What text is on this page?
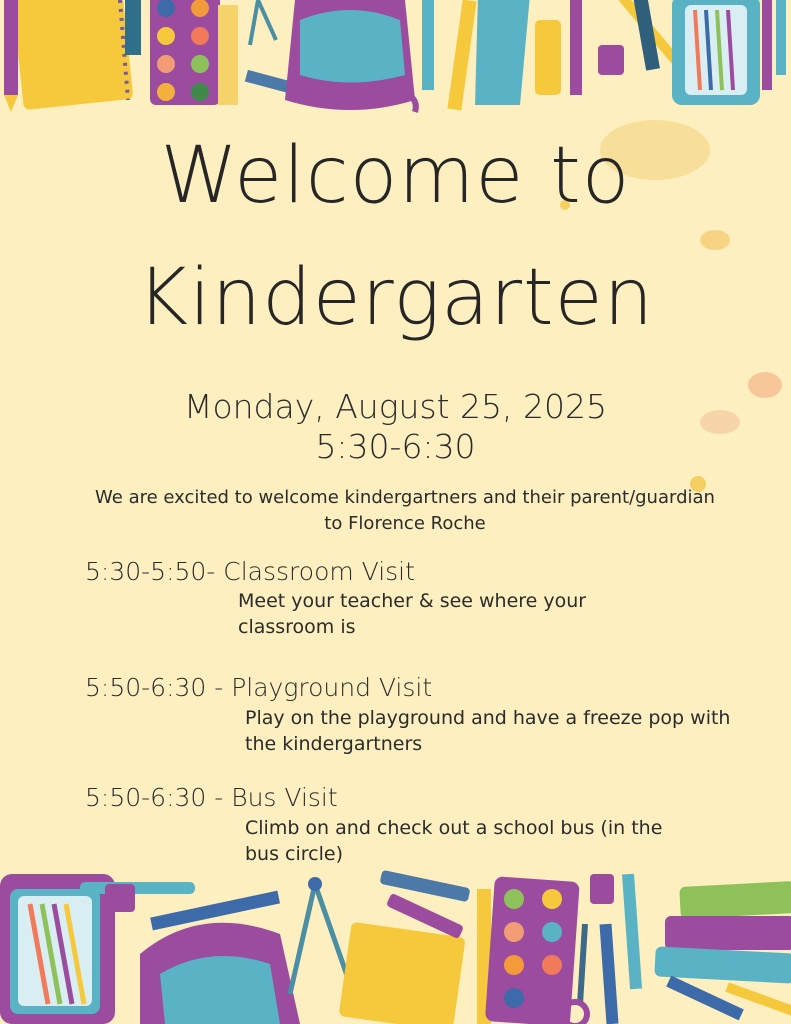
Welcome to
Kindergarten
Monday, August 25, 2025
5:30-6:30
We are excited to welcome kindergartners and their parent/guardian to Florence Roche
5:30-5:50- Classroom Visit
Meet your teacher & see where your classroom is
5:50-6:30 - Playground Visit
Play on the playground and have a freeze pop with the kindergartners
5:50-6:30 - Bus Visit
Climb on and check out a school bus (in the bus circle)
